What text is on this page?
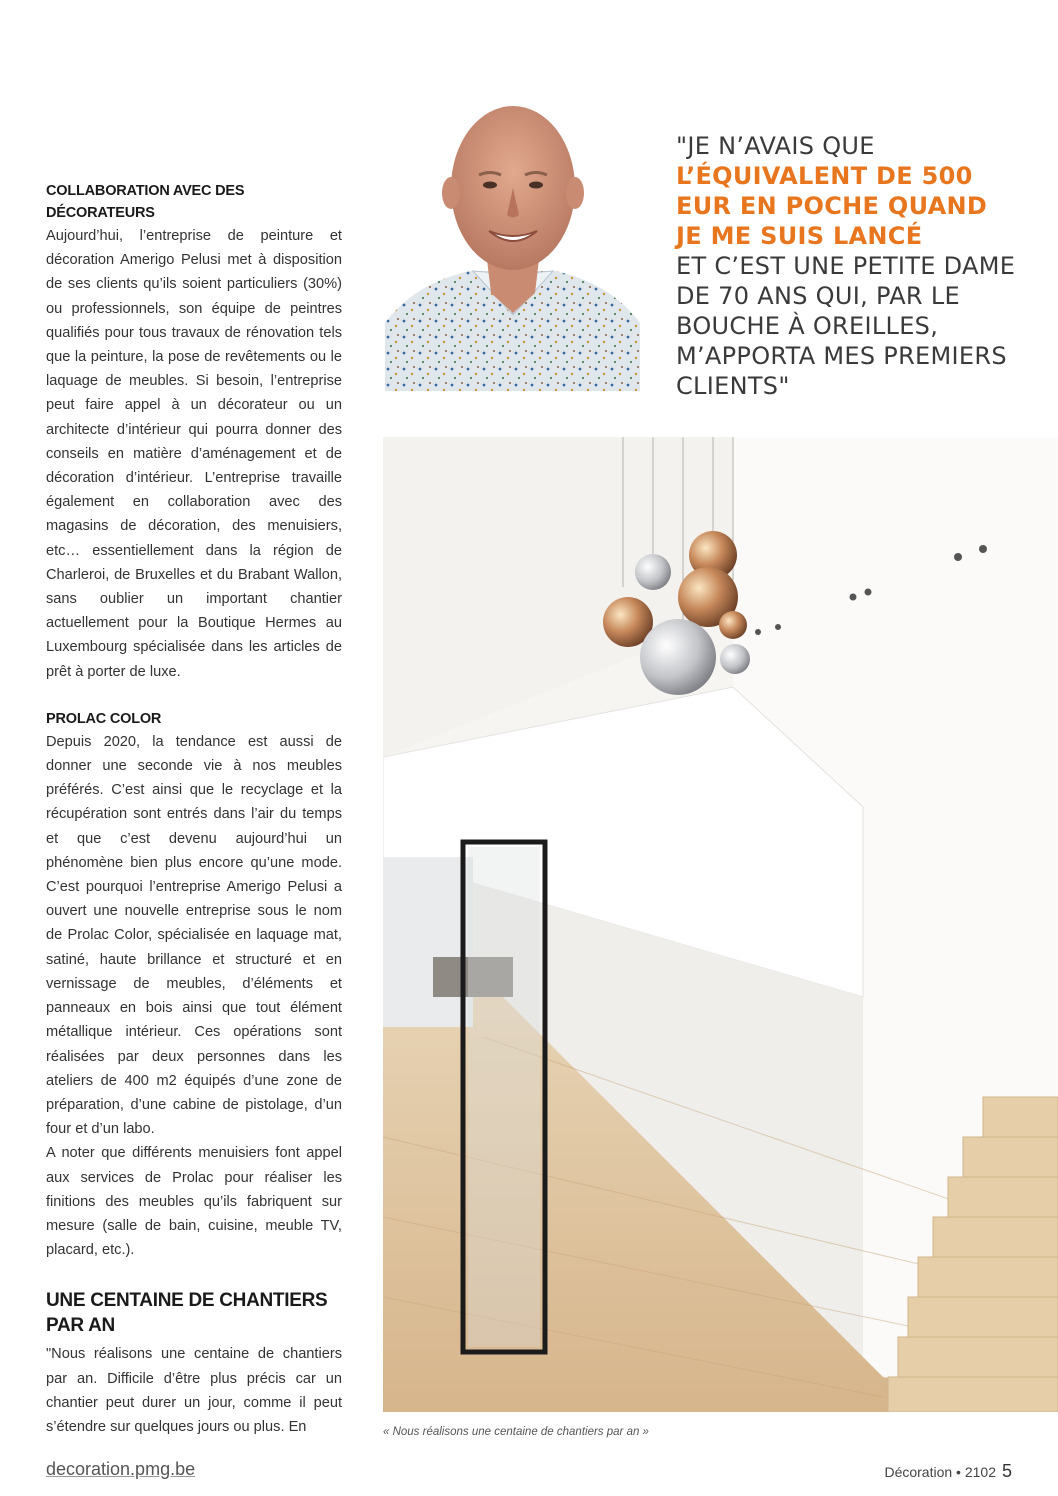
COLLABORATION AVEC DES DÉCORATEURS

Aujourd’hui, l’entreprise de peinture et décoration Amerigo Pelusi met à disposition de ses clients qu’ils soient particuliers (30%) ou professionnels, son équipe de peintres qualifiés pour tous travaux de rénovation tels que la peinture, la pose de revêtements ou le laquage de meubles. Si besoin, l’entreprise peut faire appel à un décorateur ou un architecte d’intérieur qui pourra donner des conseils en matière d’aménagement et de décoration d’intérieur. L’entreprise travaille également en collaboration avec des magasins de décoration, des menuisiers, etc… essentiellement dans la région de Charleroi, de Bruxelles et du Brabant Wallon, sans oublier un important chantier actuellement pour la Boutique Hermes au Luxembourg spécialisée dans les articles de prêt à porter de luxe.

PROLAC COLOR

Depuis 2020, la tendance est aussi de donner une seconde vie à nos meubles préférés. C’est ainsi que le recyclage et la récupération sont entrés dans l’air du temps et que c’est devenu aujourd’hui un phénomène bien plus encore qu’une mode. C’est pourquoi l’entreprise Amerigo Pelusi a ouvert une nouvelle entreprise sous le nom de Prolac Color, spécialisée en laquage mat, satiné, haute brillance et structuré et en vernissage de meubles, d’éléments et panneaux en bois ainsi que tout élément métallique intérieur. Ces opérations sont réalisées par deux personnes dans les ateliers de 400 m2 équipés d’une zone de préparation, d’une cabine de pistolage, d’un four et d’un labo.

A noter que différents menuisiers font appel aux services de Prolac pour réaliser les finitions des meubles qu’ils fabriquent sur mesure (salle de bain, cuisine, meuble TV, placard, etc.).

UNE CENTAINE DE CHANTIERS
PAR AN

"Nous réalisons une centaine de chantiers par an. Difficile d’être plus précis car un chantier peut durer un jour, comme il peut s’étendre sur quelques jours ou plus. En

"JE N’AVAIS QUE
L’ÉQUIVALENT DE 500
EUR EN POCHE QUAND
JE ME SUIS LANCÉ
ET C’EST UNE PETITE DAME
DE 70 ANS QUI, PAR LE
BOUCHE À OREILLES,
M’APPORTA MES PREMIERS
CLIENTS"
« Nous réalisons une centaine de chantiers par an »
decoration.pmg.be	Décoration • 2102 5
